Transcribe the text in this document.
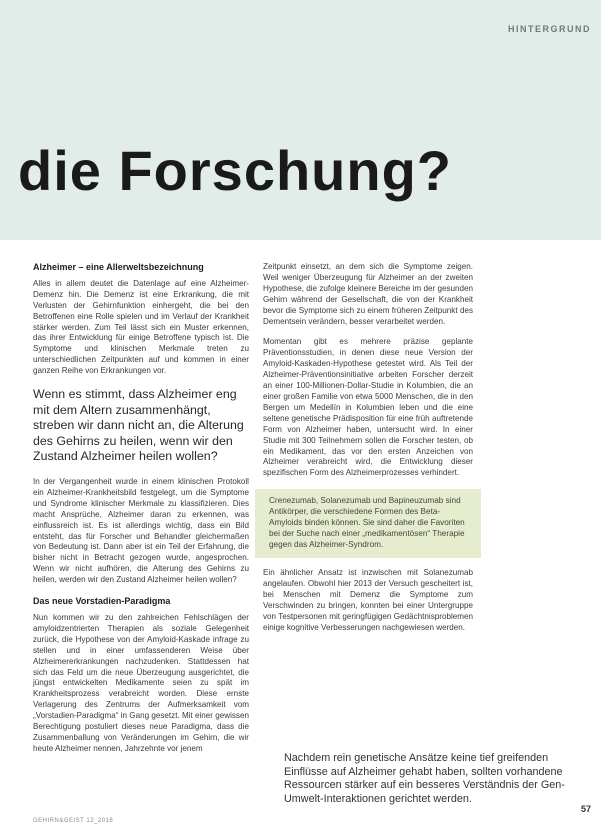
HINTERGRUND
die Forschung?
Alzheimer – eine Allerweltsbezeichnung

Alles in allem deutet die Datenlage auf eine Alzheimer-Demenz hin. Die Demenz ist eine Erkrankung, die mit Verlusten der Gehirnfunktion einhergeht, die bei den Betroffenen eine Rolle spielen und im Verlauf der Krankheit stärker werden. Zum Teil lässt sich ein Muster erkennen, das ihrer Entwicklung für einige Betroffene typisch ist. Die Symptome und klinischen Merkmale treten zu unterschiedlichen Zeitpunkten auf und kommen in einer ganzen Reihe von Erkrankungen vor.

Wenn es stimmt, dass Alzheimer eng mit dem Altern zusammenhängt, streben wir dann nicht an, die Alterung des Gehirns zu heilen, wenn wir den Zustand Alzheimer heilen wollen?

In der Vergangenheit wurde in einem klinischen Protokoll ein Alzheimer-Krankheitsbild festgelegt, um die Symptome und Syndrome klinischer Merkmale zu klassifizieren. Dies macht Ansprüche, Alzheimer daran zu erkennen, was einflussreich ist. Es ist allerdings wichtig, dass ein Bild entsteht, das für Forscher und Behandler gleichermaßen von Bedeutung ist. Dann aber ist ein Teil der Erfahrung, die bisher nicht in Betracht gezogen wurde, angesprochen. Wenn wir nicht aufhören, die Alterung des Gehirns zu heilen, werden wir den Zustand Alzheimer heilen wollen?

Das neue Vorstadien-Paradigma

Nun kommen wir zu den zahlreichen Fehlschlägen der amyloidzentrierten Therapien als soziale Gelegenheit zurück, die Hypothese von der Amyloid-Kaskade infrage zu stellen und in einer umfassenderen Weise über Alzheimererkrankungen nachzudenken. Stattdessen hat sich das Feld um die neue Überzeugung ausgerichtet, die jüngst entwickelten Medikamente seien zu spät im Krankheitsprozess verabreicht worden. Diese ernste Verlagerung des Zentrums der Aufmerksamkeit vom „Vorstadien-Paradigma“ in Gang gesetzt. Mit einer gewissen Berechtigung postuliert dieses neue Paradigma, dass die Zusammenballung von Veränderungen im Gehirn, die wir heute Alzheimer nennen, Jahrzehnte vor jenem

Zeitpunkt einsetzt, an dem sich die Symptome zeigen. Weil weniger Überzeugung für Alzheimer an der zweiten Hypothese, die zufolge kleinere Bereiche im der gesunden Gehirn während der Gesellschaft, die von der Krankheit bevor die Symptome sich zu einem früheren Zeitpunkt des Dementsein verändern, besser verarbeitet werden.

Momentan gibt es mehrere präzise geplante Präventionsstudien, in denen diese neue Version der Amyloid-Kaskaden-Hypothese getestet wird. Als Teil der Alzheimer-Präventionsinitiative arbeiten Forscher derzeit an einer 100-Millionen-Dollar-Studie in Kolumbien, die an einer großen Familie von etwa 5000 Menschen, die in den Bergen um Medellín in Kolumbien leben und die eine seltene genetische Prädisposition für eine früh auftretende Form von Alzheimer haben, untersucht wird. In einer Studie mit 300 Teilnehmern sollen die Forscher testen, ob ein Medikament, das vor den ersten Anzeichen von Alzheimer verabreicht wird, die Entwicklung dieser spezifischen Form des Alzheimerprozesses verhindert.

Crenezumab, Solanezumab und Bapineuzumab sind Antikörper, die verschiedene Formen des Beta-Amyloids binden können. Sie sind daher die Favoriten bei der Suche nach einer „medikamentösen“ Therapie gegen das Alzheimer-Syndrom.

Ein ähnlicher Ansatz ist inzwischen mit Solanezumab angelaufen. Obwohl hier 2013 der Versuch gescheitert ist, bei Menschen mit Demenz die Symptome zum Verschwinden zu bringen, konnten bei einer Untergruppe von Testpersonen mit geringfügigen Gedächtnisproblemen einige kognitive Verbesserungen nachgewiesen werden.

Nachdem rein genetische Ansätze keine tief greifenden Einflüsse auf Alzheimer gehabt haben, sollten vorhandene Ressourcen stärker auf ein besseres Verständnis der Gen-Umwelt-Interaktionen gerichtet werden.
GEHIRN&GEIST 12_2016
57
